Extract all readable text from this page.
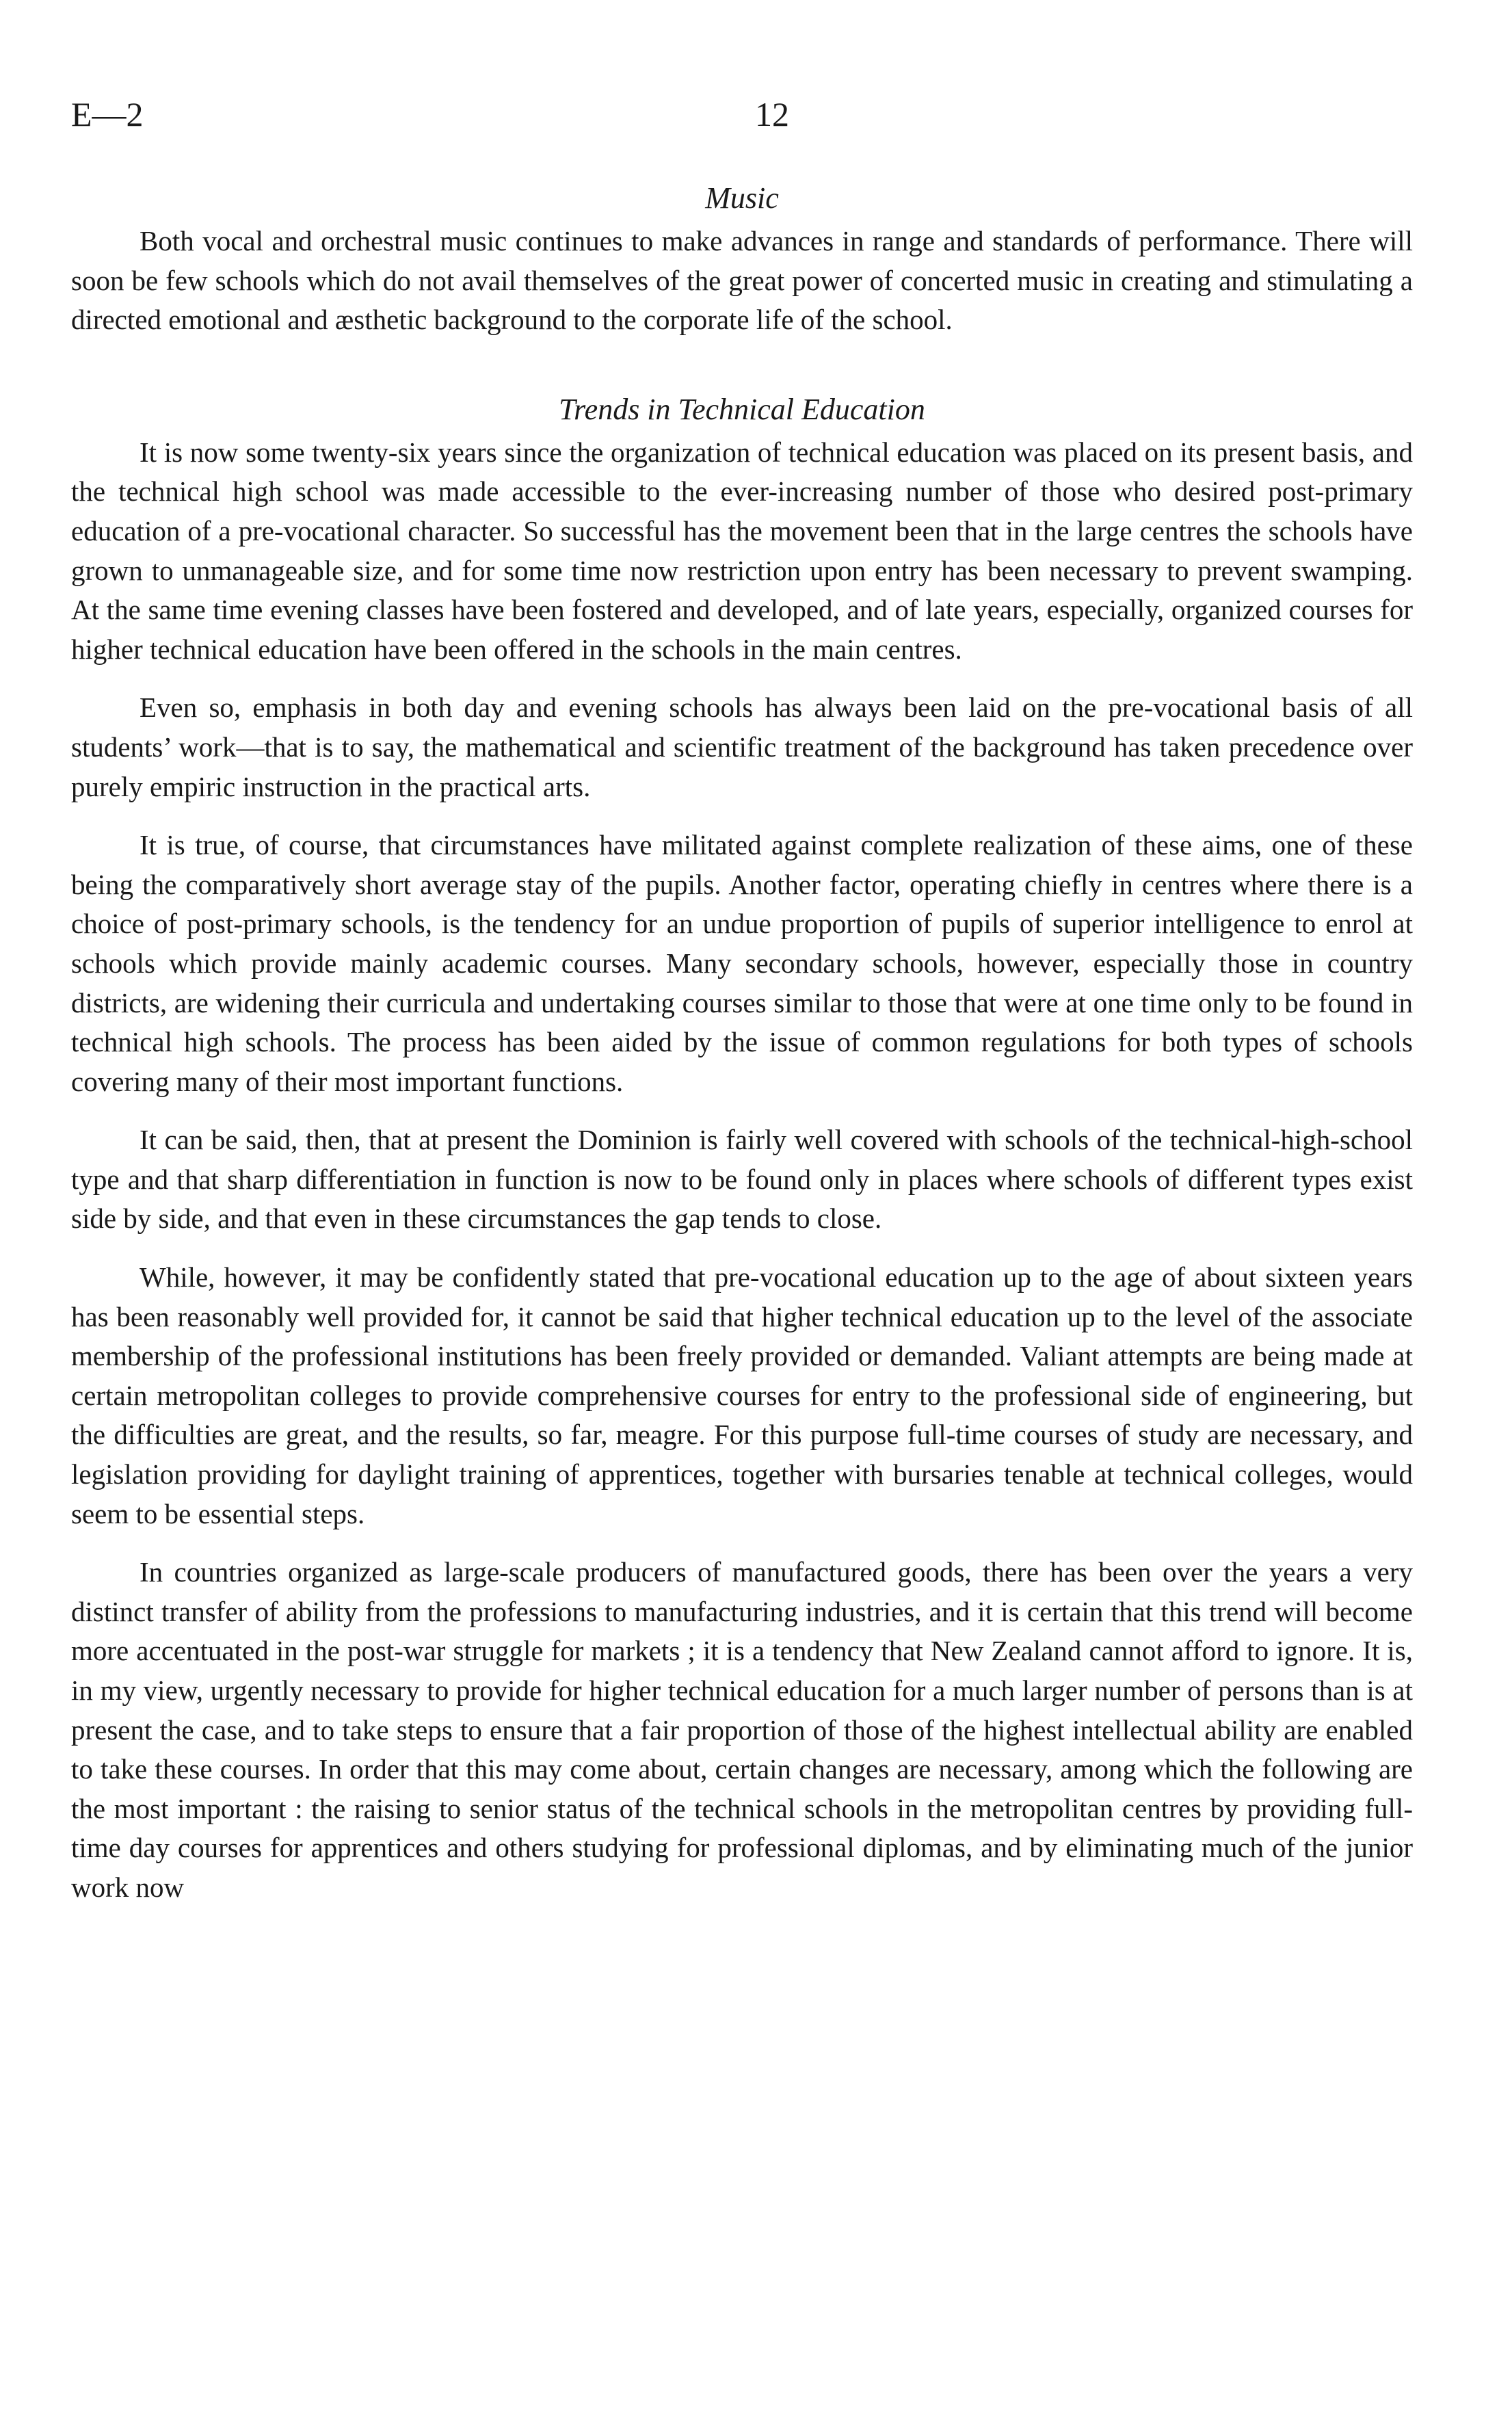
E—2	12
Music

Both vocal and orchestral music continues to make advances in range and standards of performance. There will soon be few schools which do not avail themselves of the great power of concerted music in creating and stimulating a directed emotional and æsthetic background to the corporate life of the school.

Trends in Technical Education

It is now some twenty-six years since the organization of technical education was placed on its present basis, and the technical high school was made accessible to the ever-increasing number of those who desired post-primary education of a pre-vocational character. So successful has the movement been that in the large centres the schools have grown to unmanageable size, and for some time now restriction upon entry has been necessary to prevent swamping. At the same time evening classes have been fostered and developed, and of late years, especially, organized courses for higher technical education have been offered in the schools in the main centres.

Even so, emphasis in both day and evening schools has always been laid on the pre-vocational basis of all students’ work—that is to say, the mathematical and scientific treatment of the background has taken precedence over purely empiric instruction in the practical arts.

It is true, of course, that circumstances have militated against complete realization of these aims, one of these being the comparatively short average stay of the pupils. Another factor, operating chiefly in centres where there is a choice of post-primary schools, is the tendency for an undue proportion of pupils of superior intelligence to enrol at schools which provide mainly academic courses. Many secondary schools, however, especially those in country districts, are widening their curricula and undertaking courses similar to those that were at one time only to be found in technical high schools. The process has been aided by the issue of common regulations for both types of schools covering many of their most important functions.

It can be said, then, that at present the Dominion is fairly well covered with schools of the technical-high-school type and that sharp differentiation in function is now to be found only in places where schools of different types exist side by side, and that even in these circumstances the gap tends to close.

While, however, it may be confidently stated that pre-vocational education up to the age of about sixteen years has been reasonably well provided for, it cannot be said that higher technical education up to the level of the associate membership of the professional institutions has been freely provided or demanded. Valiant attempts are being made at certain metropolitan colleges to provide comprehensive courses for entry to the professional side of engineering, but the difficulties are great, and the results, so far, meagre. For this purpose full-time courses of study are necessary, and legislation providing for daylight training of apprentices, together with bursaries tenable at technical colleges, would seem to be essential steps.

In countries organized as large-scale producers of manufactured goods, there has been over the years a very distinct transfer of ability from the professions to manufacturing industries, and it is certain that this trend will become more accentuated in the post-war struggle for markets ; it is a tendency that New Zealand cannot afford to ignore. It is, in my view, urgently necessary to provide for higher technical education for a much larger number of persons than is at present the case, and to take steps to ensure that a fair proportion of those of the highest intellectual ability are enabled to take these courses. In order that this may come about, certain changes are necessary, among which the following are the most important : the raising to senior status of the technical schools in the metropolitan centres by providing full-time day courses for apprentices and others studying for professional diplomas, and by eliminating much of the junior work now
